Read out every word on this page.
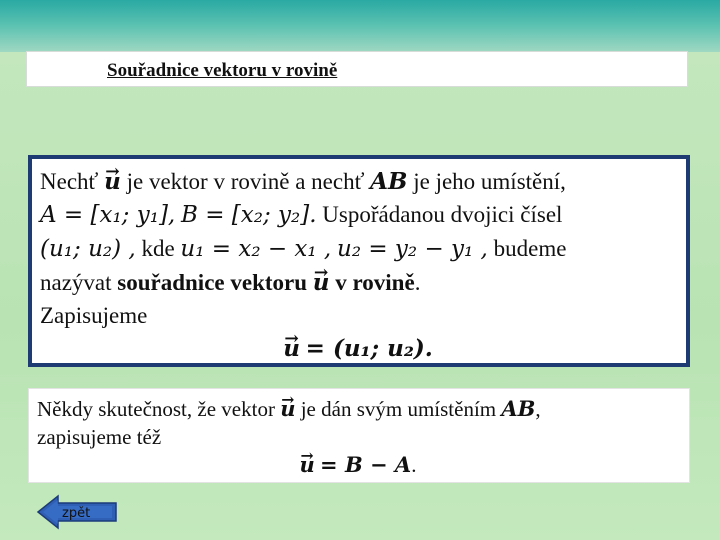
Souřadnice vektoru v rovině
Nechť → u je vektor v rovině a nechť AB je jeho umístění,
A = [x₁; y₁], B = [x₂; y₂]. Uspořádanou dvojici čísel
(u₁; u₂) , kde u₁ = x₂ − x₁ , u₂ = y₂ − y₁ , budeme
nazývat souřadnice vektoru → u v rovině.
Zapisujeme
→ u = (u₁; u₂).
Někdy skutečnost, že vektor → u je dán svým umístěním AB,
zapisujeme též
→ u = B − A.
zpět
